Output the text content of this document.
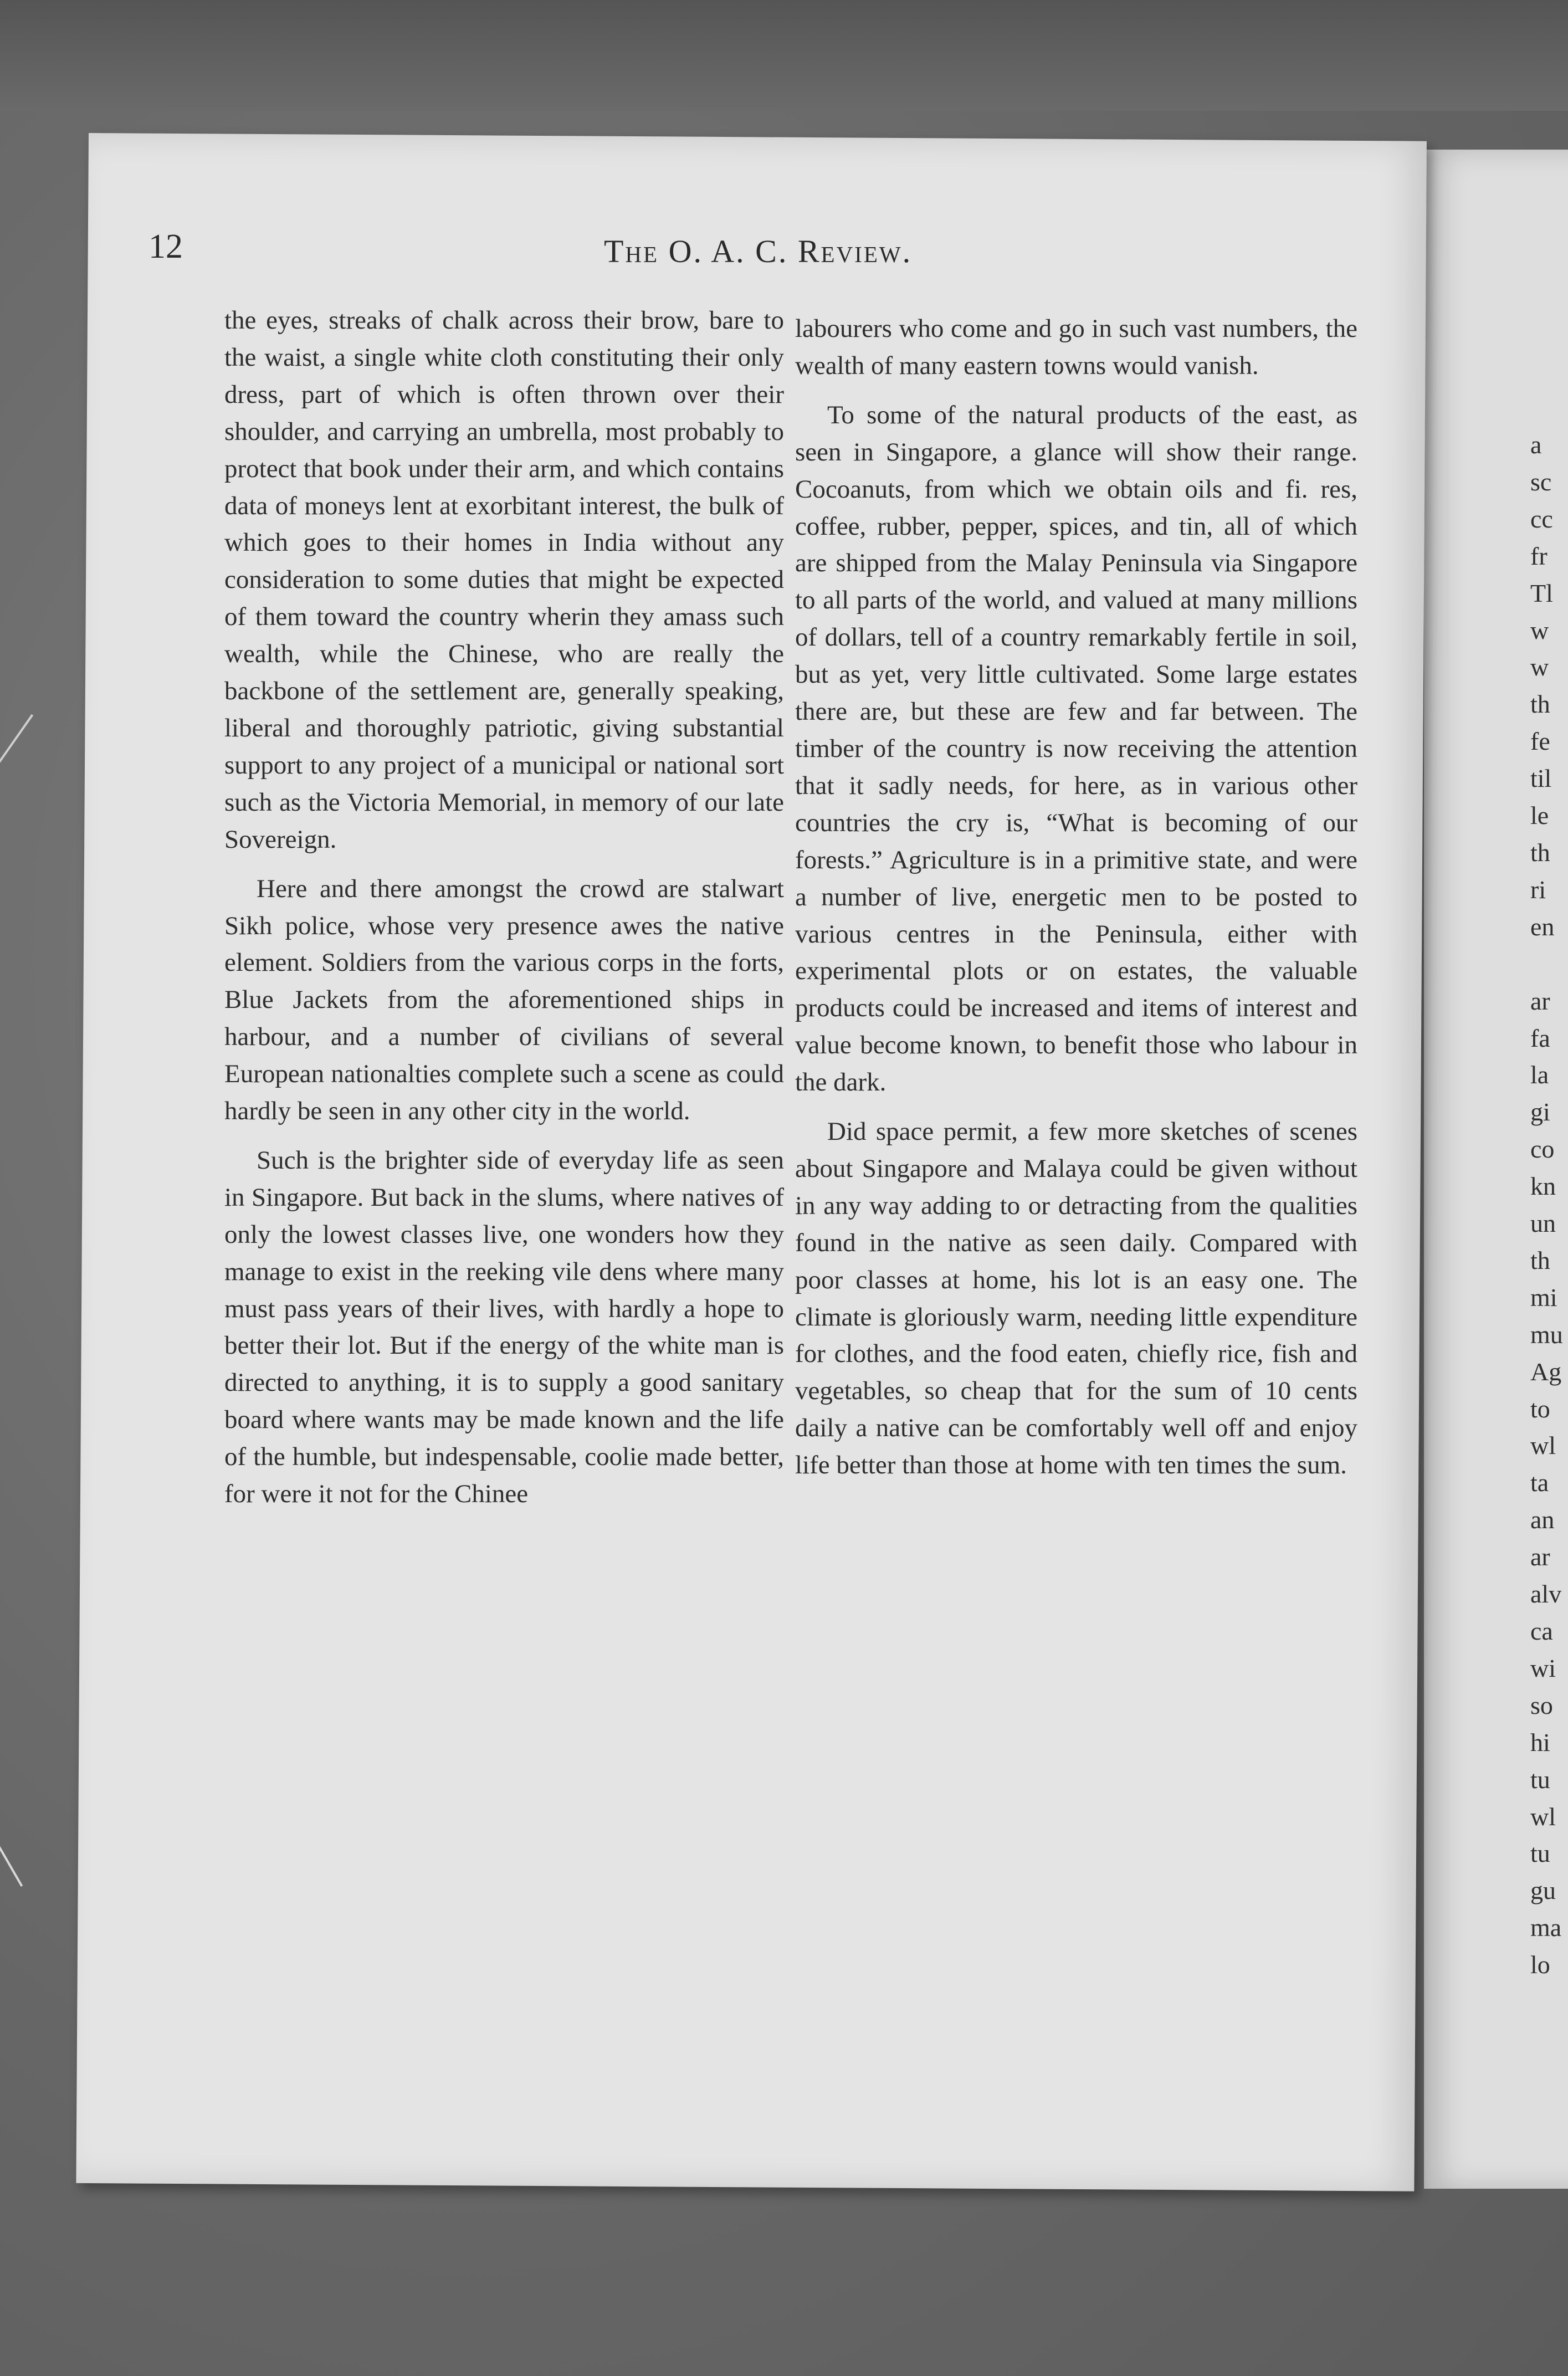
a
sc
cc
fr
Tl
w
w
th
fe
til
le
th
ri
en

ar
fa
la
gi
co
kn
un
th
mi
mu
Ag
to
wl
ta
an
ar
alv
ca
wi
so
hi
tu
wl
tu
gu
ma
lo
12	The O. A. C. Review.

the eyes, streaks of chalk across their brow, bare to the waist, a single white cloth constituting their only dress, part of which is often thrown over their shoulder, and carrying an umbrella, most probably to protect that book under their arm, and which contains data of moneys lent at exorbitant interest, the bulk of which goes to their homes in India without any consideration to some duties that might be expected of them toward the country wherin they amass such wealth, while the Chinese, who are really the backbone of the settlement are, generally speaking, liberal and thoroughly patriotic, giving substantial support to any project of a municipal or national sort such as the Victoria Memorial, in memory of our late Sovereign.

Here and there amongst the crowd are stalwart Sikh police, whose very presence awes the native element. Soldiers from the various corps in the forts, Blue Jackets from the aforementioned ships in harbour, and a number of civilians of several European nationalties complete such a scene as could hardly be seen in any other city in the world.

Such is the brighter side of everyday life as seen in Singapore. But back in the slums, where natives of only the lowest classes live, one wonders how they manage to exist in the reeking vile dens where many must pass years of their lives, with hardly a hope to better their lot. But if the energy of the white man is directed to anything, it is to supply a good sanitary board where wants may be made known and the life of the humble, but indespensable, coolie made better, for were it not for the Chinee

labourers who come and go in such vast numbers, the wealth of many eastern towns would vanish.

To some of the natural products of the east, as seen in Singapore, a glance will show their range. Cocoanuts, from which we obtain oils and fi. res, coffee, rubber, pepper, spices, and tin, all of which are shipped from the Malay Peninsula via Singapore to all parts of the world, and valued at many millions of dollars, tell of a country remarkably fertile in soil, but as yet, very little cultivated. Some large estates there are, but these are few and far between. The timber of the country is now receiving the attention that it sadly needs, for here, as in various other countries the cry is, “What is becoming of our forests.” Agriculture is in a primitive state, and were a number of live, energetic men to be posted to various centres in the Peninsula, either with experimental plots or on estates, the valuable products could be increased and items of interest and value become known, to benefit those who labour in the dark.

Did space permit, a few more sketches of scenes about Singapore and Malaya could be given without in any way adding to or detracting from the qualities found in the native as seen daily. Compared with poor classes at home, his lot is an easy one. The climate is gloriously warm, needing little expenditure for clothes, and the food eaten, chiefly rice, fish and vegetables, so cheap that for the sum of 10 cents daily a native can be comfortably well off and enjoy life better than those at home with ten times the sum.
